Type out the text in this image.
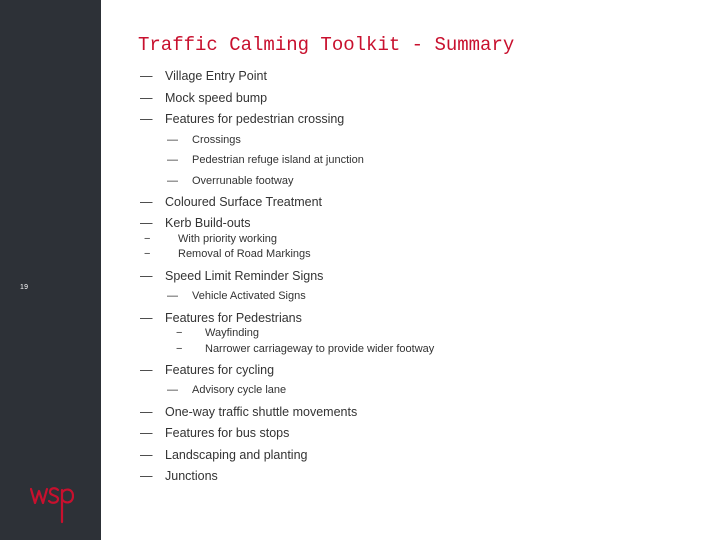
19
Traffic Calming Toolkit - Summary
— Village Entry Point
— Mock speed bump
— Features for pedestrian crossing
— Crossings
— Pedestrian refuge island at junction
— Overrunable footway
— Coloured Surface Treatment
— Kerb Build-outs
−	With priority working
−	Removal of Road Markings
— Speed Limit Reminder Signs
— Vehicle Activated Signs
— Features for Pedestrians
− Wayfinding
− Narrower carriageway to provide wider footway
— Features for cycling
— Advisory cycle lane
— One-way traffic shuttle movements
— Features for bus stops
— Landscaping and planting
— Junctions
